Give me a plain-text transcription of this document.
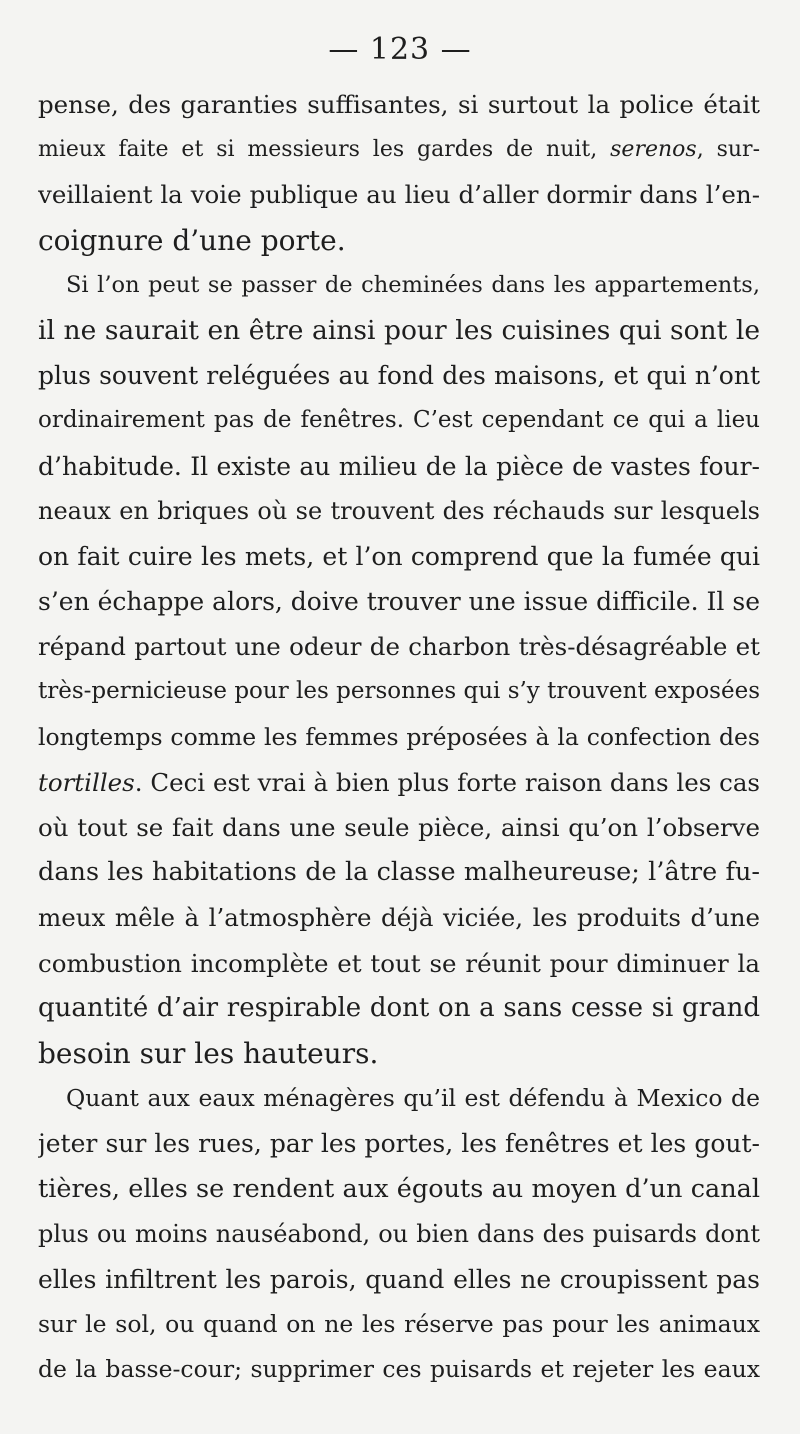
— 123 —
pense, des garanties suffisantes, si surtout la police était
mieux faite et si messieurs les gardes de nuit, serenos, sur-
veillaient la voie publique au lieu d’aller dormir dans l’en-
coignure d’une porte.
Si l’on peut se passer de cheminées dans les appartements,
il ne saurait en être ainsi pour les cuisines qui sont le
plus souvent reléguées au fond des maisons, et qui n’ont
ordinairement pas de fenêtres. C’est cependant ce qui a lieu
d’habitude. Il existe au milieu de la pièce de vastes four-
neaux en briques où se trouvent des réchauds sur lesquels
on fait cuire les mets, et l’on comprend que la fumée qui
s’en échappe alors, doive trouver une issue difficile. Il se
répand partout une odeur de charbon très-désagréable et
très-pernicieuse pour les personnes qui s’y trouvent exposées
longtemps comme les femmes préposées à la confection des
tortilles. Ceci est vrai à bien plus forte raison dans les cas
où tout se fait dans une seule pièce, ainsi qu’on l’observe
dans les habitations de la classe malheureuse; l’âtre fu-
meux mêle à l’atmosphère déjà viciée, les produits d’une
combustion incomplète et tout se réunit pour diminuer la
quantité d’air respirable dont on a sans cesse si grand
besoin sur les hauteurs.
Quant aux eaux ménagères qu’il est défendu à Mexico de
jeter sur les rues, par les portes, les fenêtres et les gout-
tières, elles se rendent aux égouts au moyen d’un canal
plus ou moins nauséabond, ou bien dans des puisards dont
elles infiltrent les parois, quand elles ne croupissent pas
sur le sol, ou quand on ne les réserve pas pour les animaux
de la basse-cour; supprimer ces puisards et rejeter les eaux
